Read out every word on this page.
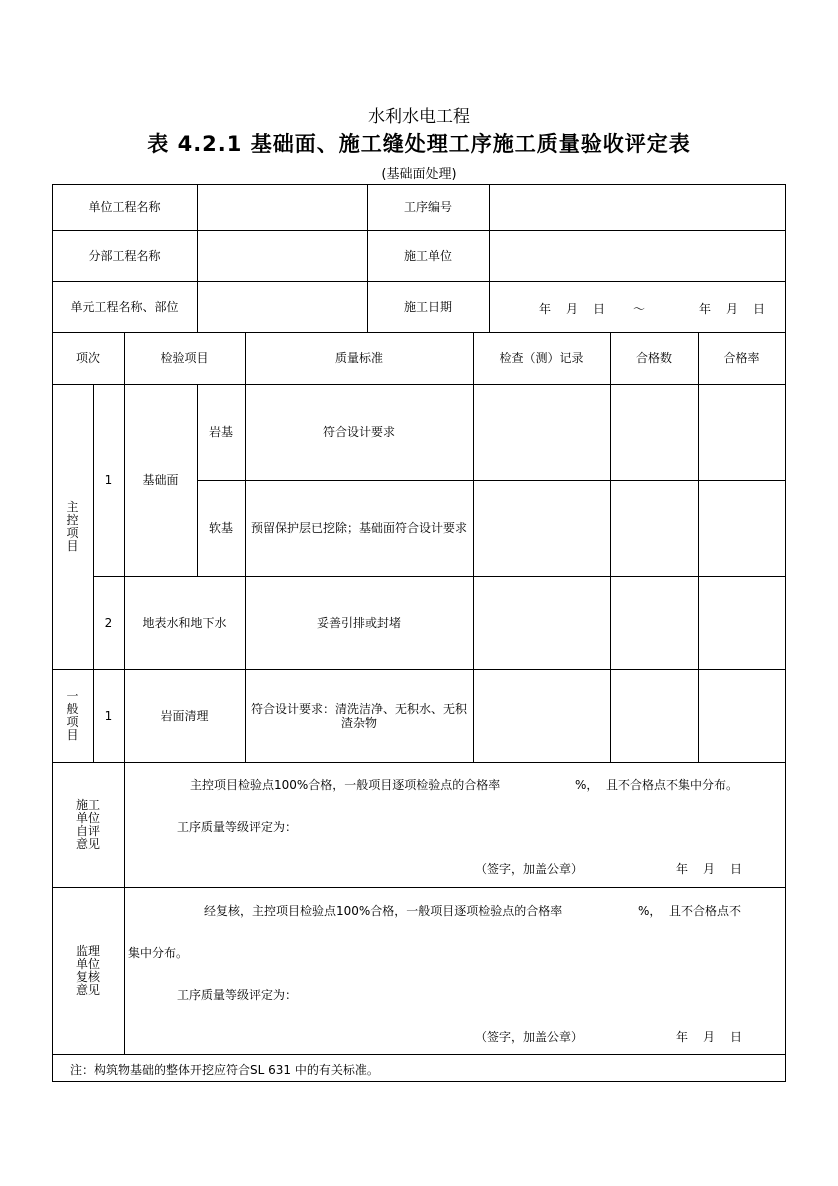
水利水电工程
表 4.2.1 基础面、施工缝处理工序施工质量验收评定表
(基础面处理)
单位工程名称	工序编号
分部工程名称	施工单位
单元工程名称、部位	施工日期	年 月 日 ～	年 月 日
项次	检验项目	质量标准	检查（测）记录	合格数	合格率
主控项目
1	基础面
岩基	符合设计要求
软基	预留保护层已挖除；基础面符合设计要求
2	地表水和地下水	妥善引排或封堵
一般项目
1	岩面清理	符合设计要求：清洗洁净、无积水、无积渣杂物
施工单位自评意见
主控项目检验点100%合格，一般项目逐项检验点的合格率	%， 且不合格点不集中分布。
工序质量等级评定为：
（签字，加盖公章）	年 月 日
监理单位复核意见
经复核，主控项目检验点100%合格，一般项目逐项检验点的合格率	%， 且不合格点不
集中分布。
工序质量等级评定为：
（签字，加盖公章）	年 月 日
注：构筑物基础的整体开挖应符合SL 631 中的有关标准。
